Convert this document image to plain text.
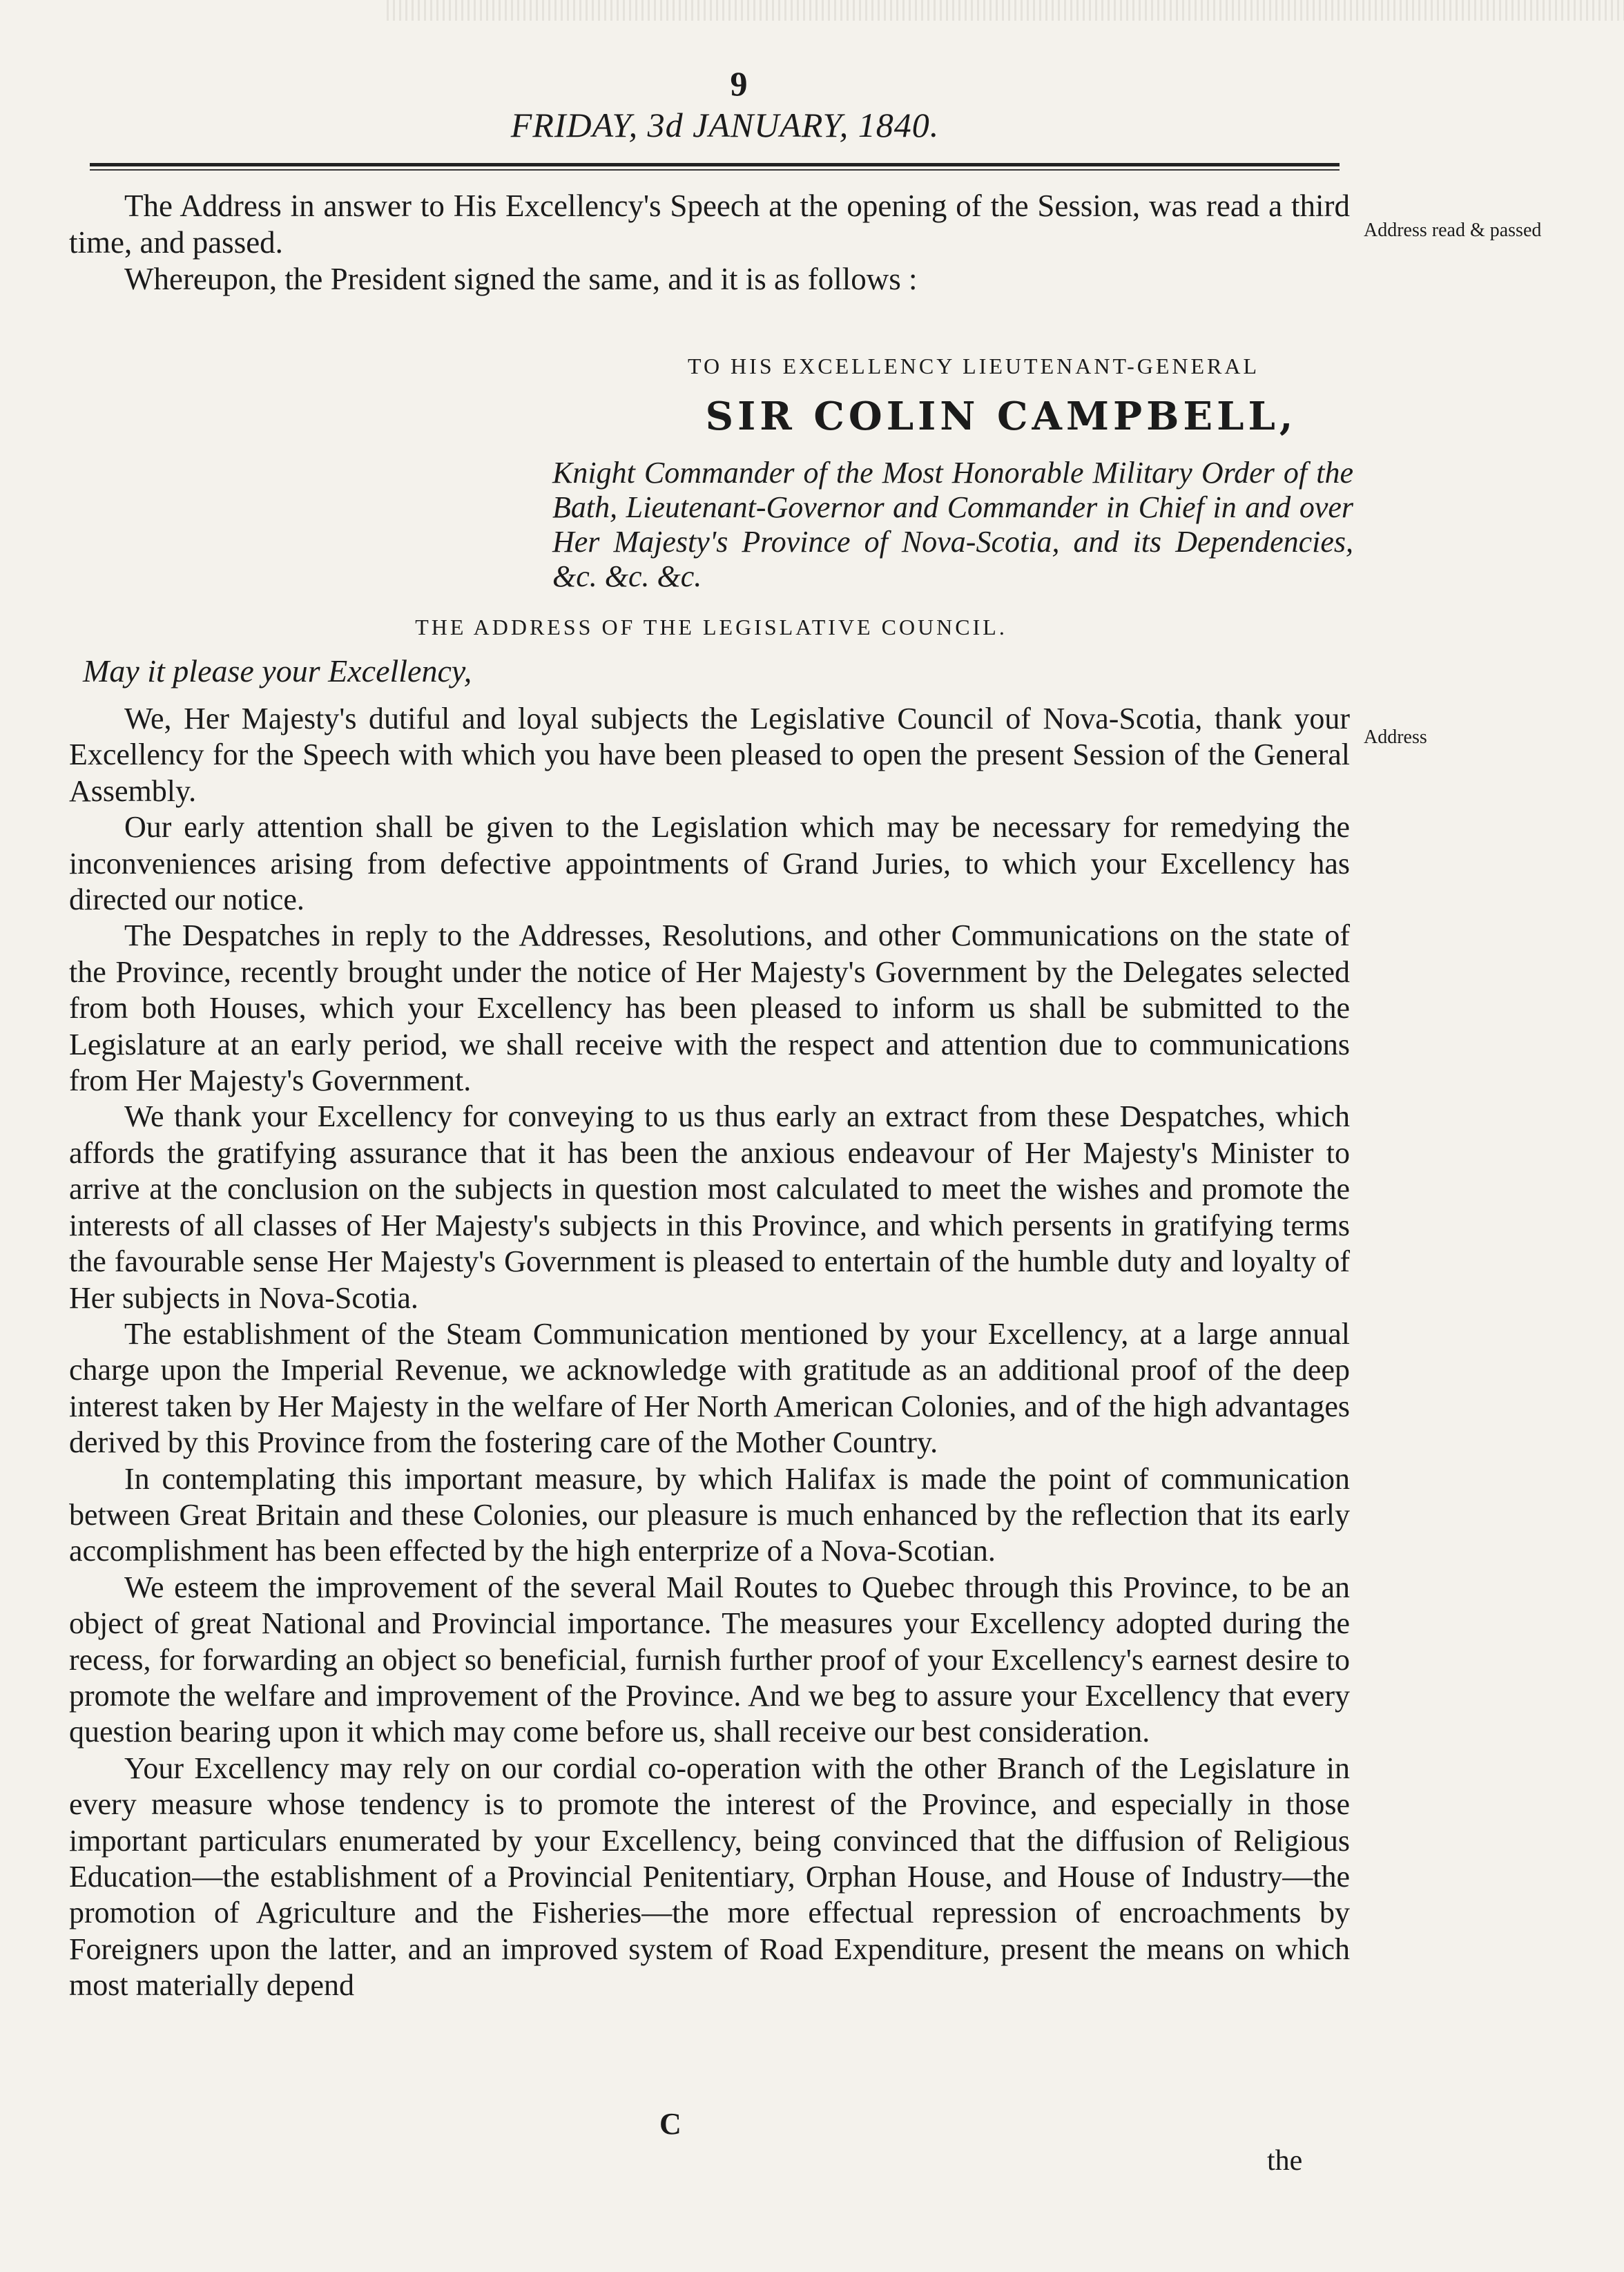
9
FRIDAY, 3d JANUARY, 1840.

The Address in answer to His Excellency's Speech at the opening of the Session, was read a third time, and passed.

Whereupon, the President signed the same, and it is as follows :

Address read & passed
TO HIS EXCELLENCY LIEUTENANT-GENERAL
SIR COLIN CAMPBELL,
Knight Commander of the Most Honorable Military Order of the Bath, Lieutenant-Governor and Commander in Chief in and over Her Majesty's Province of Nova-Scotia, and its Dependencies, &c. &c. &c.
THE ADDRESS OF THE LEGISLATIVE COUNCIL.
May it please your Excellency,
Address

We, Her Majesty's dutiful and loyal subjects the Legislative Council of Nova-Scotia, thank your Excellency for the Speech with which you have been pleased to open the present Session of the General Assembly.

Our early attention shall be given to the Legislation which may be necessary for remedying the inconveniences arising from defective appointments of Grand Juries, to which your Excellency has directed our notice.

The Despatches in reply to the Addresses, Resolutions, and other Communications on the state of the Province, recently brought under the notice of Her Majesty's Government by the Delegates selected from both Houses, which your Excellency has been pleased to inform us shall be submitted to the Legislature at an early period, we shall receive with the respect and attention due to communications from Her Majesty's Government.

We thank your Excellency for conveying to us thus early an extract from these Despatches, which affords the gratifying assurance that it has been the anxious endeavour of Her Majesty's Minister to arrive at the conclusion on the subjects in question most calculated to meet the wishes and promote the interests of all classes of Her Majesty's subjects in this Province, and which persents in gratifying terms the favourable sense Her Majesty's Government is pleased to entertain of the humble duty and loyalty of Her subjects in Nova-Scotia.

The establishment of the Steam Communication mentioned by your Excellency, at a large annual charge upon the Imperial Revenue, we acknowledge with gratitude as an additional proof of the deep interest taken by Her Majesty in the welfare of Her North American Colonies, and of the high advantages derived by this Province from the fostering care of the Mother Country.

In contemplating this important measure, by which Halifax is made the point of communication between Great Britain and these Colonies, our pleasure is much enhanced by the reflection that its early accomplishment has been effected by the high enterprize of a Nova-Scotian.

We esteem the improvement of the several Mail Routes to Quebec through this Province, to be an object of great National and Provincial importance. The measures your Excellency adopted during the recess, for forwarding an object so beneficial, furnish further proof of your Excellency's earnest desire to promote the welfare and improvement of the Province. And we beg to assure your Excellency that every question bearing upon it which may come before us, shall receive our best consideration.

Your Excellency may rely on our cordial co-operation with the other Branch of the Legislature in every measure whose tendency is to promote the interest of the Province, and especially in those important particulars enumerated by your Excellency, being convinced that the diffusion of Religious Education—the establishment of a Provincial Penitentiary, Orphan House, and House of Industry—the promotion of Agriculture and the Fisheries—the more effectual repression of encroachments by Foreigners upon the latter, and an improved system of Road Expenditure, present the means on which most materially depend

C
the
